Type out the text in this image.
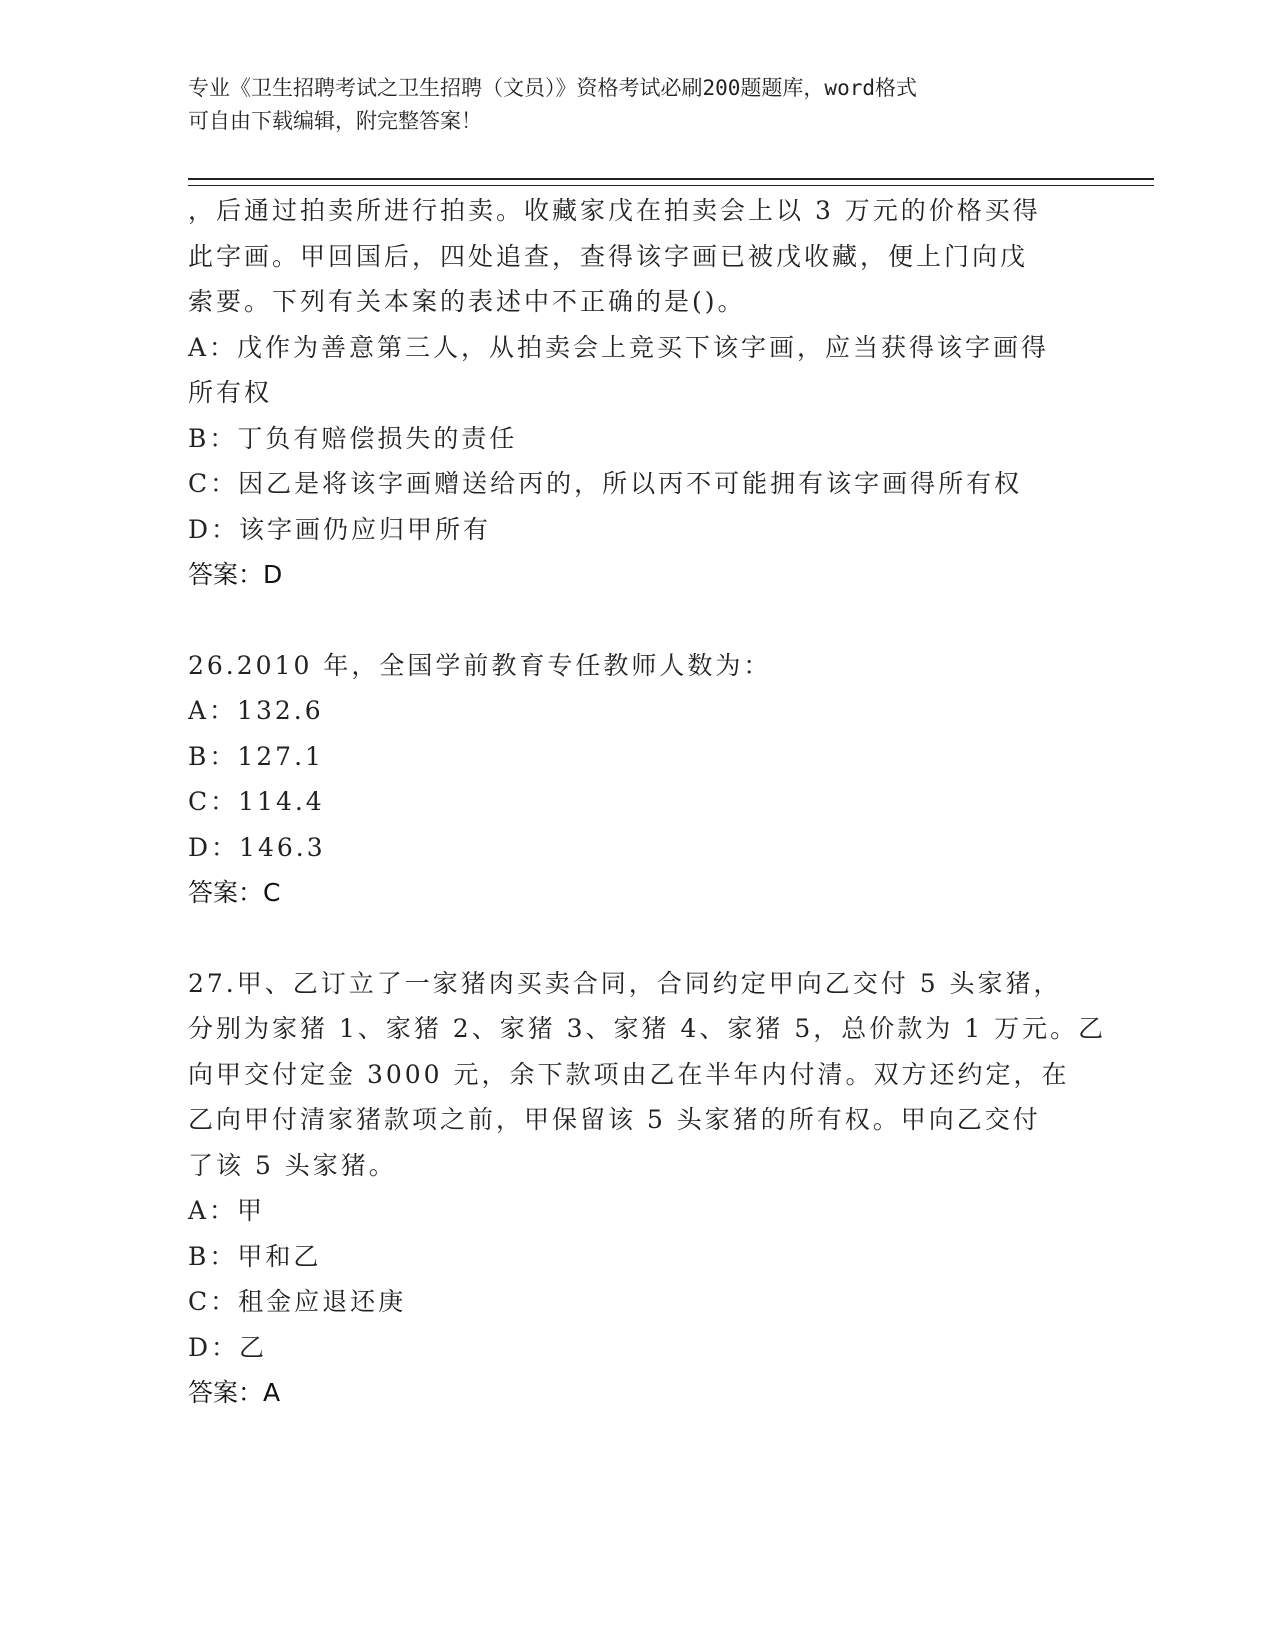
专业《卫生招聘考试之卫生招聘（文员）》资格考试必刷200题题库，word格式
可自由下载编辑，附完整答案！
，后通过拍卖所进行拍卖。收藏家戊在拍卖会上以 3 万元的价格买得
此字画。甲回国后，四处追查，查得该字画已被戊收藏，便上门向戊
索要。下列有关本案的表述中不正确的是()。
A：戊作为善意第三人，从拍卖会上竞买下该字画，应当获得该字画得
所有权
B：丁负有赔偿损失的责任
C：因乙是将该字画赠送给丙的，所以丙不可能拥有该字画得所有权
D：该字画仍应归甲所有
答案：D
26.2010 年，全国学前教育专任教师人数为：
A：132.6
B：127.1
C：114.4
D：146.3
答案：C
27.甲、乙订立了一家猪肉买卖合同，合同约定甲向乙交付 5 头家猪，
分别为家猪 1、家猪 2、家猪 3、家猪 4、家猪 5，总价款为 1 万元。乙
向甲交付定金 3000 元，余下款项由乙在半年内付清。双方还约定，在
乙向甲付清家猪款项之前，甲保留该 5 头家猪的所有权。甲向乙交付
了该 5 头家猪。
A：甲
B：甲和乙
C：租金应退还庚
D：乙
答案：A
